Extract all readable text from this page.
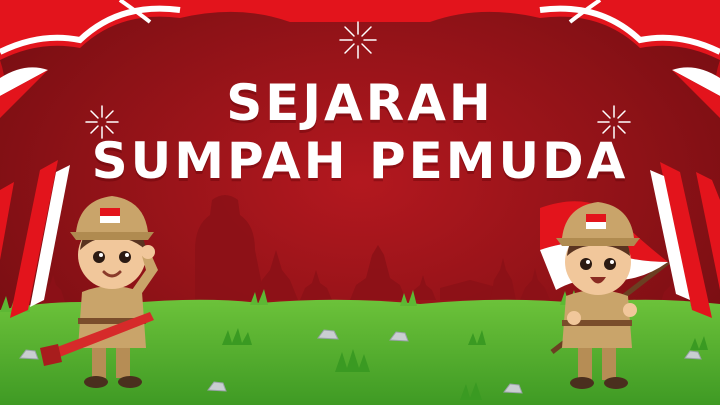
SEJARAH
SUMPAH PEMUDA
